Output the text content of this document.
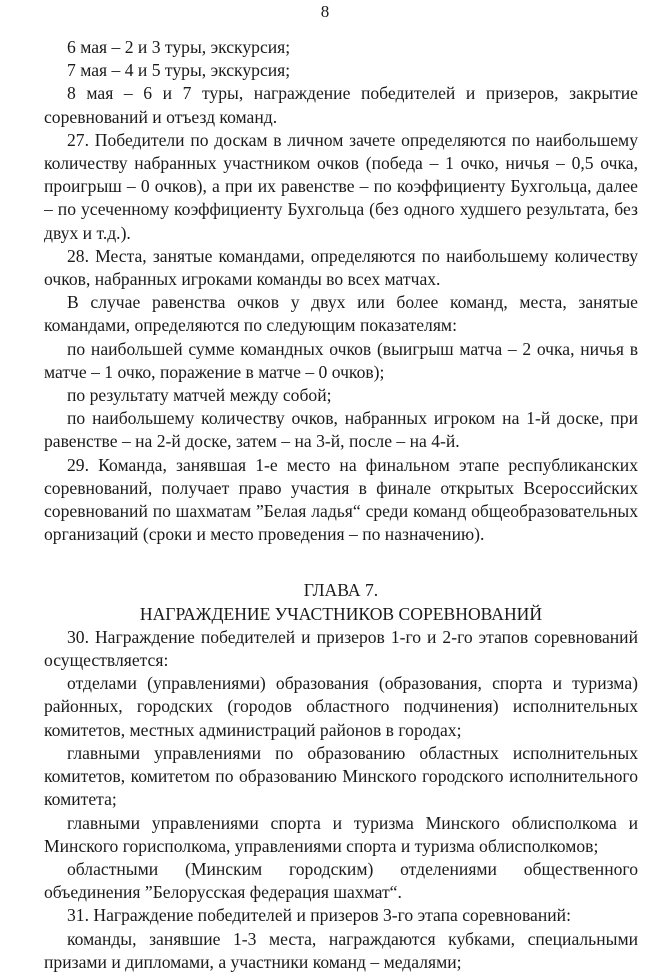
8

6 мая – 2 и 3 туры, экскурсия;

7 мая – 4 и 5 туры, экскурсия;

8 мая – 6 и 7 туры, награждение победителей и призеров, закрытие соревнований и отъезд команд.

27. Победители по доскам в личном зачете определяются по наибольшему количеству набранных участником очков (победа – 1 очко, ничья – 0,5 очка, проигрыш – 0 очков), а при их равенстве – по коэффициенту Бухгольца, далее – по усеченному коэффициенту Бухгольца (без одного худшего результата, без двух и т.д.).

28. Места, занятые командами, определяются по наибольшему количеству очков, набранных игроками команды во всех матчах.

В случае равенства очков у двух или более команд, места, занятые командами, определяются по следующим показателям:

по наибольшей сумме командных очков (выигрыш матча – 2 очка, ничья в матче – 1 очко, поражение в матче – 0 очков);

по результату матчей между собой;

по наибольшему количеству очков, набранных игроком на 1-й доске, при равенстве – на 2-й доске, затем – на 3-й, после – на 4-й.

29. Команда, занявшая 1-е место на финальном этапе республиканских соревнований, получает право участия в финале открытых Всероссийских соревнований по шахматам ”Белая ладья“ среди команд общеобразовательных организаций (сроки и место проведения – по назначению).

ГЛАВА 7.
НАГРАЖДЕНИЕ УЧАСТНИКОВ СОРЕВНОВАНИЙ

30. Награждение победителей и призеров 1-го и 2-го этапов соревнований осуществляется:

отделами (управлениями) образования (образования, спорта и туризма) районных, городских (городов областного подчинения) исполнительных комитетов, местных администраций районов в городах;

главными управлениями по образованию областных исполнительных комитетов, комитетом по образованию Минского городского исполнительного комитета;

главными управлениями спорта и туризма Минского облисполкома и Минского горисполкома, управлениями спорта и туризма облисполкомов;

областными (Минским городским) отделениями общественного объединения ”Белорусская федерация шахмат“.

31. Награждение победителей и призеров 3-го этапа соревнований:

команды, занявшие 1-3 места, награждаются кубками, специальными призами и дипломами, а участники команд – медалями;
